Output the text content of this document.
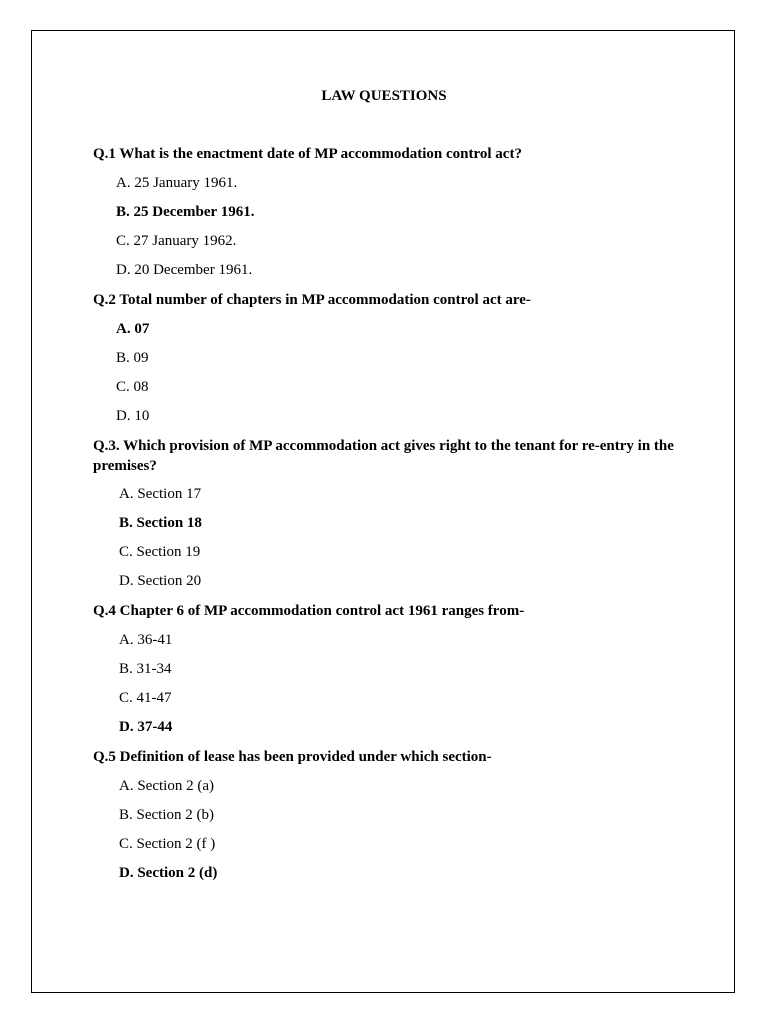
LAW QUESTIONS
Q.1 What is the enactment date of MP accommodation control act?
A. 25 January 1961.
B. 25 December 1961.
C. 27 January 1962.
D. 20 December 1961.
Q.2 Total number of chapters in MP accommodation control act are-
A. 07
B. 09
C. 08
D. 10
Q.3. Which provision of MP accommodation act gives right to the tenant for re-entry in the premises?
A. Section 17
B. Section 18
C. Section 19
D. Section 20
Q.4 Chapter 6 of MP accommodation control act 1961 ranges from-
A. 36-41
B. 31-34
C. 41-47
D. 37-44
Q.5 Definition of lease has been provided under which section-
A. Section 2 (a)
B. Section 2 (b)
C. Section 2 (f )
D. Section 2 (d)
